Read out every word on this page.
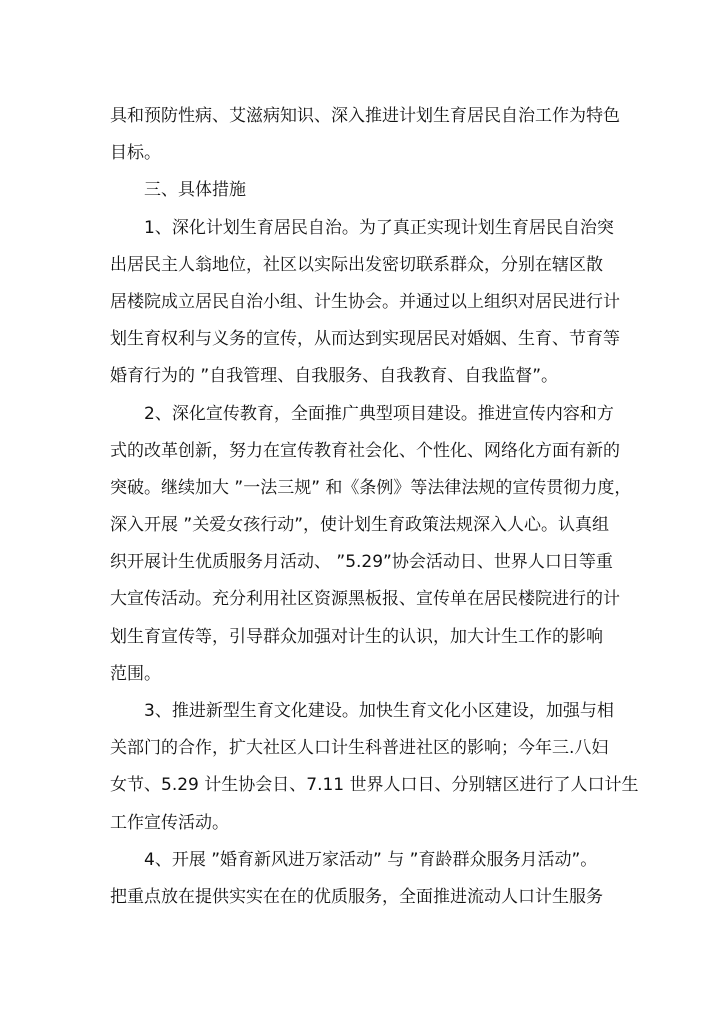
具和预防性病、艾滋病知识、深入推进计划生育居民自治工作为特色
目标。
三、具体措施
1、深化计划生育居民自治。为了真正实现计划生育居民自治突
出居民主人翁地位，社区以实际出发密切联系群众，分别在辖区散
居楼院成立居民自治小组、计生协会。并通过以上组织对居民进行计
划生育权利与义务的宣传，从而达到实现居民对婚姻、生育、节育等
婚育行为的 ”自我管理、自我服务、自我教育、自我监督”。
2、深化宣传教育，全面推广典型项目建设。推进宣传内容和方
式的改革创新，努力在宣传教育社会化、个性化、网络化方面有新的
突破。继续加大 ”一法三规” 和《条例》等法律法规的宣传贯彻力度，
深入开展 ”关爱女孩行动”，使计划生育政策法规深入人心。认真组
织开展计生优质服务月活动、 ”5.29”协会活动日、世界人口日等重
大宣传活动。充分利用社区资源黑板报、宣传单在居民楼院进行的计
划生育宣传等，引导群众加强对计生的认识，加大计生工作的影响
范围。
3、推进新型生育文化建设。加快生育文化小区建设，加强与相
关部门的合作，扩大社区人口计生科普进社区的影响；今年三.八妇
女节、5.29 计生协会日、7.11 世界人口日、分别辖区进行了人口计生
工作宣传活动。
4、开展 ”婚育新风进万家活动” 与 ”育龄群众服务月活动”。
把重点放在提供实实在在的优质服务，全面推进流动人口计生服务
